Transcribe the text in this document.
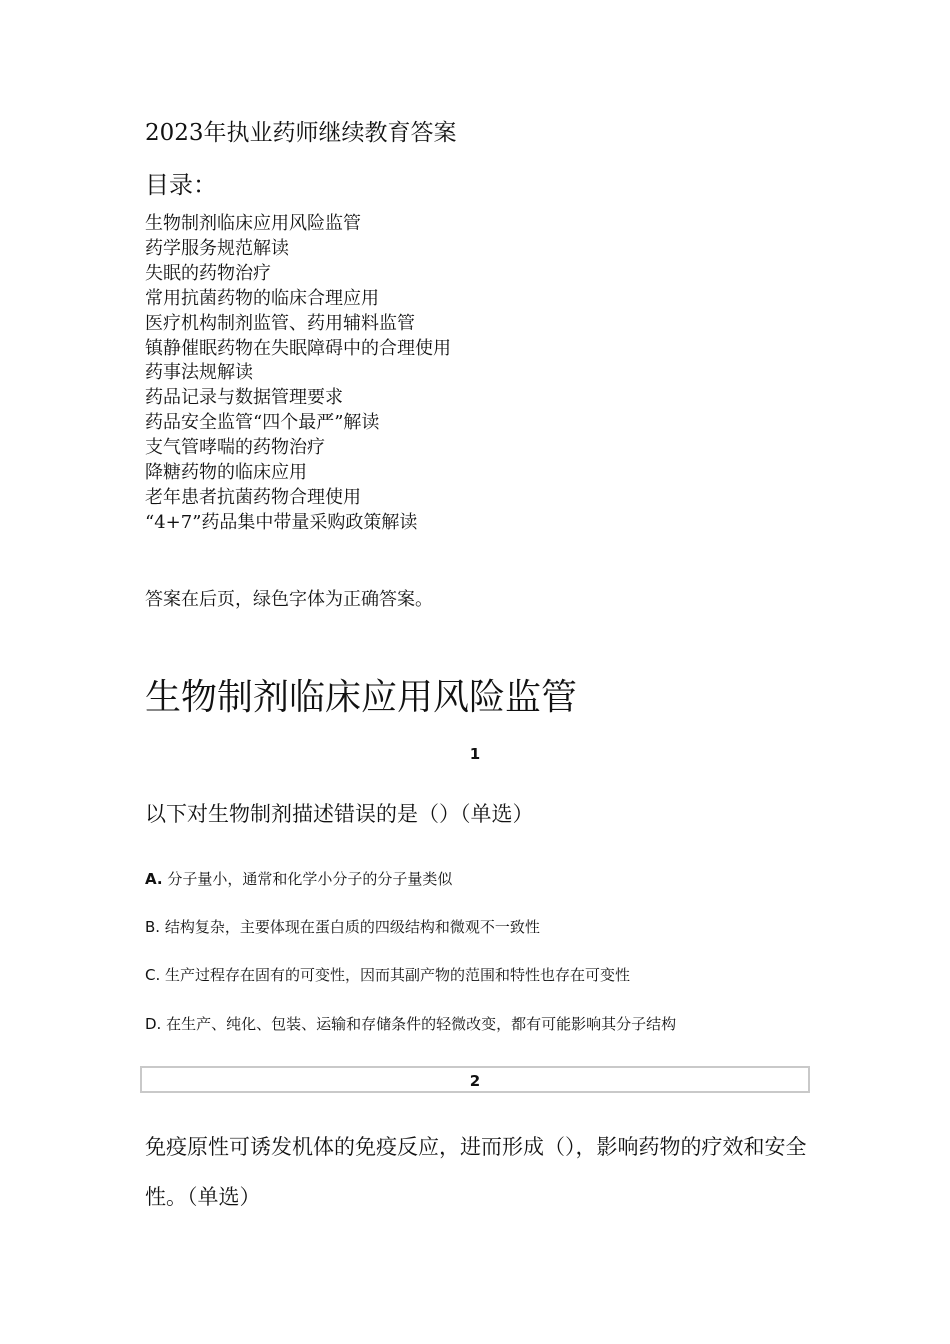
2023年执业药师继续教育答案
目录：
生物制剂临床应用风险监管
药学服务规范解读
失眠的药物治疗
常用抗菌药物的临床合理应用
医疗机构制剂监管、药用辅料监管
镇静催眠药物在失眠障碍中的合理使用
药事法规解读
药品记录与数据管理要求
药品安全监管“四个最严”解读
支气管哮喘的药物治疗
降糖药物的临床应用
老年患者抗菌药物合理使用
“4+7”药品集中带量采购政策解读
答案在后页，绿色字体为正确答案。
生物制剂临床应用风险监管
1
以下对生物制剂描述错误的是（）（单选）
A. 分子量小，通常和化学小分子的分子量类似
B. 结构复杂，主要体现在蛋白质的四级结构和微观不一致性
C. 生产过程存在固有的可变性，因而其副产物的范围和特性也存在可变性
D. 在生产、纯化、包装、运输和存储条件的轻微改变，都有可能影响其分子结构
2
免疫原性可诱发机体的免疫反应，进而形成（），影响药物的疗效和安全性。（单选）
